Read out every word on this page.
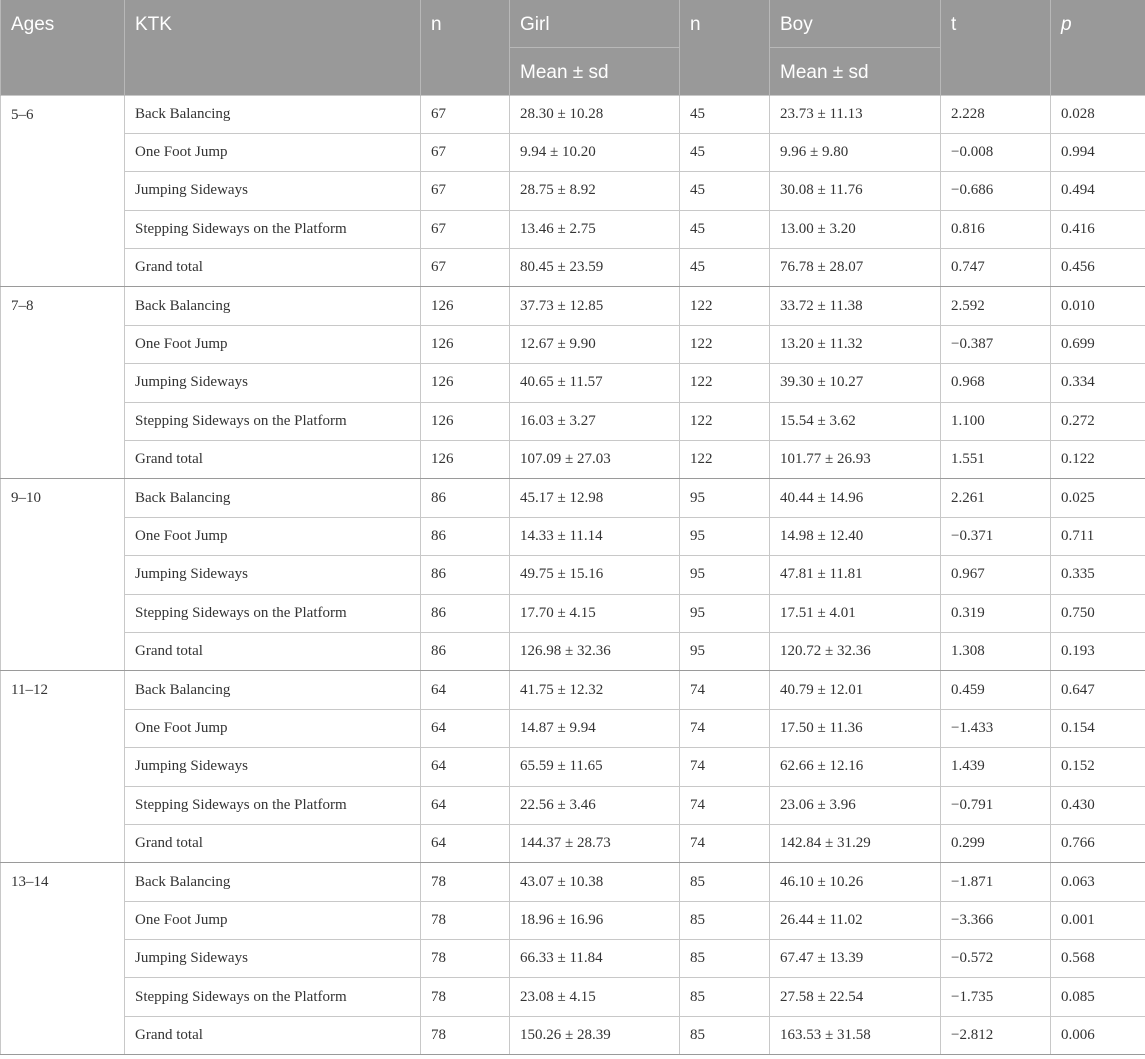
Ages	KTK	n	Girl	n	Boy	t	p
			Mean ± sd		Mean ± sd		
5–6	Back Balancing	67	28.30 ± 10.28	45	23.73 ± 11.13	2.228	0.028
	One Foot Jump	67	9.94 ± 10.20	45	9.96 ± 9.80	−0.008	0.994
	Jumping Sideways	67	28.75 ± 8.92	45	30.08 ± 11.76	−0.686	0.494
	Stepping Sideways on the Platform	67	13.46 ± 2.75	45	13.00 ± 3.20	0.816	0.416
	Grand total	67	80.45 ± 23.59	45	76.78 ± 28.07	0.747	0.456
7–8	Back Balancing	126	37.73 ± 12.85	122	33.72 ± 11.38	2.592	0.010
	One Foot Jump	126	12.67 ± 9.90	122	13.20 ± 11.32	−0.387	0.699
	Jumping Sideways	126	40.65 ± 11.57	122	39.30 ± 10.27	0.968	0.334
	Stepping Sideways on the Platform	126	16.03 ± 3.27	122	15.54 ± 3.62	1.100	0.272
	Grand total	126	107.09 ± 27.03	122	101.77 ± 26.93	1.551	0.122
9–10	Back Balancing	86	45.17 ± 12.98	95	40.44 ± 14.96	2.261	0.025
	One Foot Jump	86	14.33 ± 11.14	95	14.98 ± 12.40	−0.371	0.711
	Jumping Sideways	86	49.75 ± 15.16	95	47.81 ± 11.81	0.967	0.335
	Stepping Sideways on the Platform	86	17.70 ± 4.15	95	17.51 ± 4.01	0.319	0.750
	Grand total	86	126.98 ± 32.36	95	120.72 ± 32.36	1.308	0.193
11–12	Back Balancing	64	41.75 ± 12.32	74	40.79 ± 12.01	0.459	0.647
	One Foot Jump	64	14.87 ± 9.94	74	17.50 ± 11.36	−1.433	0.154
	Jumping Sideways	64	65.59 ± 11.65	74	62.66 ± 12.16	1.439	0.152
	Stepping Sideways on the Platform	64	22.56 ± 3.46	74	23.06 ± 3.96	−0.791	0.430
	Grand total	64	144.37 ± 28.73	74	142.84 ± 31.29	0.299	0.766
13–14	Back Balancing	78	43.07 ± 10.38	85	46.10 ± 10.26	−1.871	0.063
	One Foot Jump	78	18.96 ± 16.96	85	26.44 ± 11.02	−3.366	0.001
	Jumping Sideways	78	66.33 ± 11.84	85	67.47 ± 13.39	−0.572	0.568
	Stepping Sideways on the Platform	78	23.08 ± 4.15	85	27.58 ± 22.54	−1.735	0.085
	Grand total	78	150.26 ± 28.39	85	163.53 ± 31.58	−2.812	0.006
